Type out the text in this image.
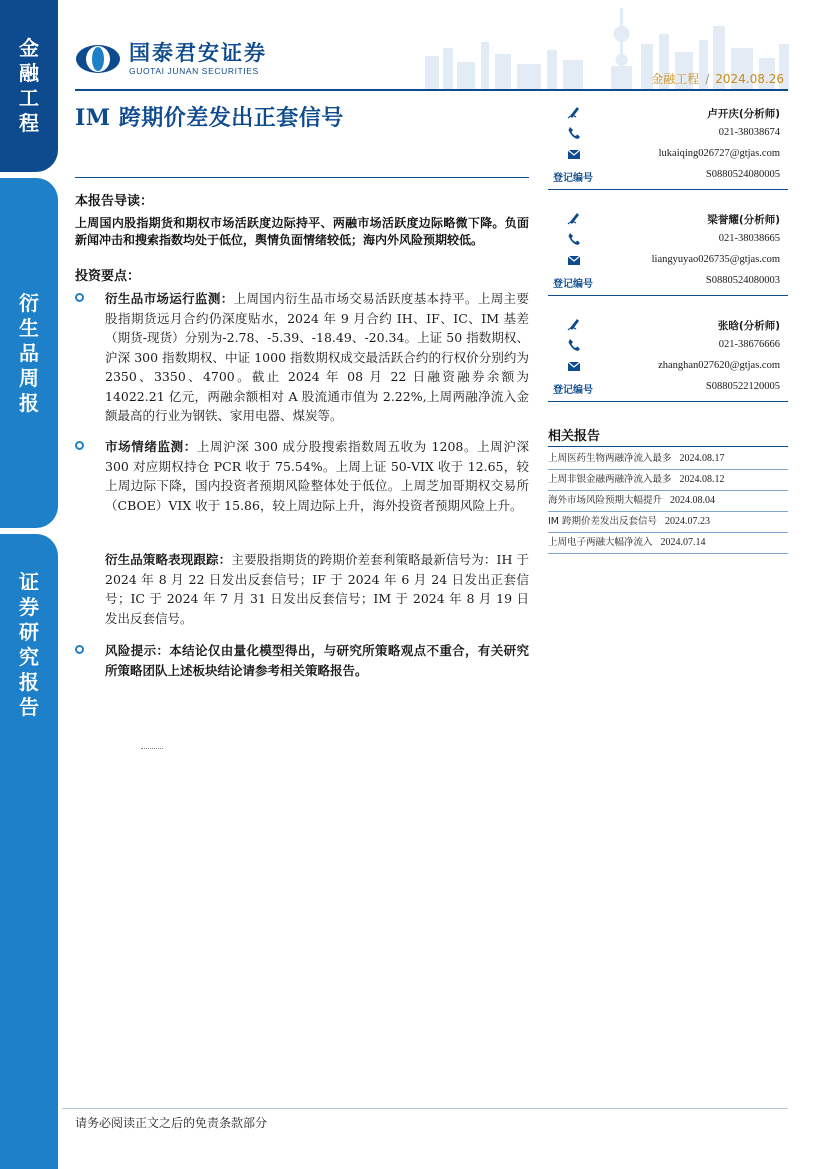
金
融
工
程
衍
生
品
周
报
证
券
研
究
报
告
国泰君安证券
GUOTAI JUNAN SECURITIES
金融工程 / 2024.08.26
IM 跨期价差发出正套信号
本报告导读：
上周国内股指期货和期权市场活跃度边际持平、两融市场活跃度边际略微下降。负面新闻冲击和搜索指数均处于低位，舆情负面情绪较低；海内外风险预期较低。
投资要点：
衍生品市场运行监测：上周国内衍生品市场交易活跃度基本持平。上周主要股指期货远月合约仍深度贴水，2024 年 9 月合约 IH、IF、IC、IM 基差（期货-现货）分别为-2.78、-5.39、-18.49、-20.34。上证 50 指数期权、沪深 300 指数期权、中证 1000 指数期权成交最活跃合约的行权价分别约为 2350、3350、4700。截止 2024 年 08 月 22 日融资融券余额为 14022.21 亿元，两融余额相对 A 股流通市值为 2.22%,上周两融净流入金额最高的行业为钢铁、家用电器、煤炭等。
市场情绪监测：上周沪深 300 成分股搜索指数周五收为 1208。上周沪深 300 对应期权持仓 PCR 收于 75.54%。上周上证 50-VIX 收于 12.65，较上周边际下降，国内投资者预期风险整体处于低位。上周芝加哥期权交易所（CBOE）VIX 收于 15.86，较上周边际上升，海外投资者预期风险上升。
衍生品策略表现跟踪：主要股指期货的跨期价差套利策略最新信号为：IH 于 2024 年 8 月 22 日发出反套信号；IF 于 2024 年 6 月 24 日发出正套信号；IC 于 2024 年 7 月 31 日发出反套信号；IM 于 2024 年 8 月 19 日发出反套信号。
风险提示：本结论仅由量化模型得出，与研究所策略观点不重合，有关研究所策略团队上述板块结论请参考相关策略报告。
卢开庆(分析师)
021-38038674
lukaiqing026727@gtjas.com
登记编号	S0880524080005
梁誉耀(分析师)
021-38038665
liangyuyao026735@gtjas.com
登记编号	S0880524080003
张晗(分析师)
021-38676666
zhanghan027620@gtjas.com
登记编号	S0880522120005
相关报告
上周医药生物两融净流入最多 2024.08.17
上周非银金融两融净流入最多 2024.08.12
海外市场风险预期大幅提升 2024.08.04
IM 跨期价差发出反套信号 2024.07.23
上周电子两融大幅净流入 2024.07.14
请务必阅读正文之后的免责条款部分
